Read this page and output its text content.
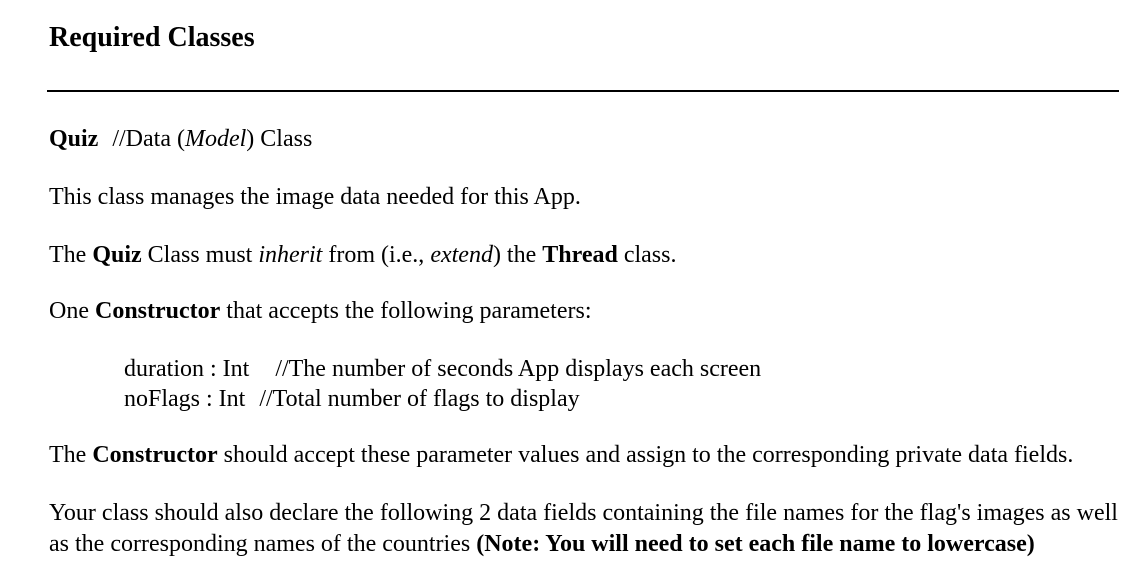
Required Classes

Quiz //Data (Model) Class

This class manages the image data needed for this App.

The Quiz Class must inherit from (i.e., extend) the Thread class.

One Constructor that accepts the following parameters:

duration : Int //The number of seconds App displays each screen

noFlags : Int //Total number of flags to display

The Constructor should accept these parameter values and assign to the corresponding private data fields.

Your class should also declare the following 2 data fields containing the file names for the flag's images as well as the corresponding names of the countries (Note: You will need to set each file name to lowercase)
